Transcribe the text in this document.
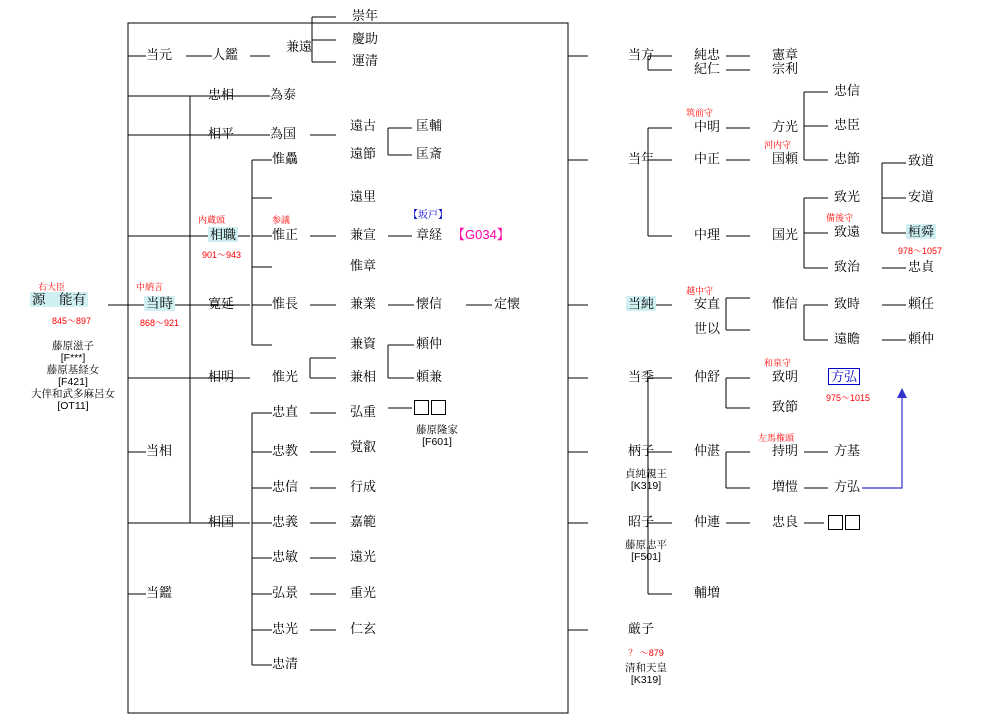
右大臣
源　能有
845〜897
藤原滋子
[F***]
藤原基経女
[F421]
大伴和武多麻呂女
[OT11]
中納言
当時
868〜921
当元
忠相
相平
内蔵頭
相職
901〜943
寛延
相明
当相
相国
当鑑
人鑑
為泰
為国
惟驫
参議
惟正
惟長
惟光
忠直
忠教
忠信
忠義
忠敏
弘景
忠光
忠清
兼遠
遠古
遠節
遠里
兼宣
惟章
兼業
兼資
兼相
弘重
覚叡
行成
嘉範
遠光
重光
仁玄
崇年
慶助
運清
匡輔
匡斎
【坂戸】
章経 【G034】
懐信	定懐
頼仲
頼兼
藤原隆家
[F601]
当方
当年
当純
当季
柄子
貞純親王
[K319]
昭子
藤原忠平
[F501]
厳子
？ 〜879
清和天皇
[K319]
純忠
紀仁
筑前守
中明
中正
中理
越中守
安直
世以
仲舒
仲湛
仲連
輔増
憲章
宗利
方光
河内守
国頼
国光
惟信
和泉守
致明
致節
左馬権頭
持明
増愷
忠良
忠信
忠臣
忠節
致光
備後守
致遠
致治
致時
遠瞻
方弘
975〜1015
方基
方弘
致道
安道
桓舜
978〜1057
忠貞
頼任
頼仲
